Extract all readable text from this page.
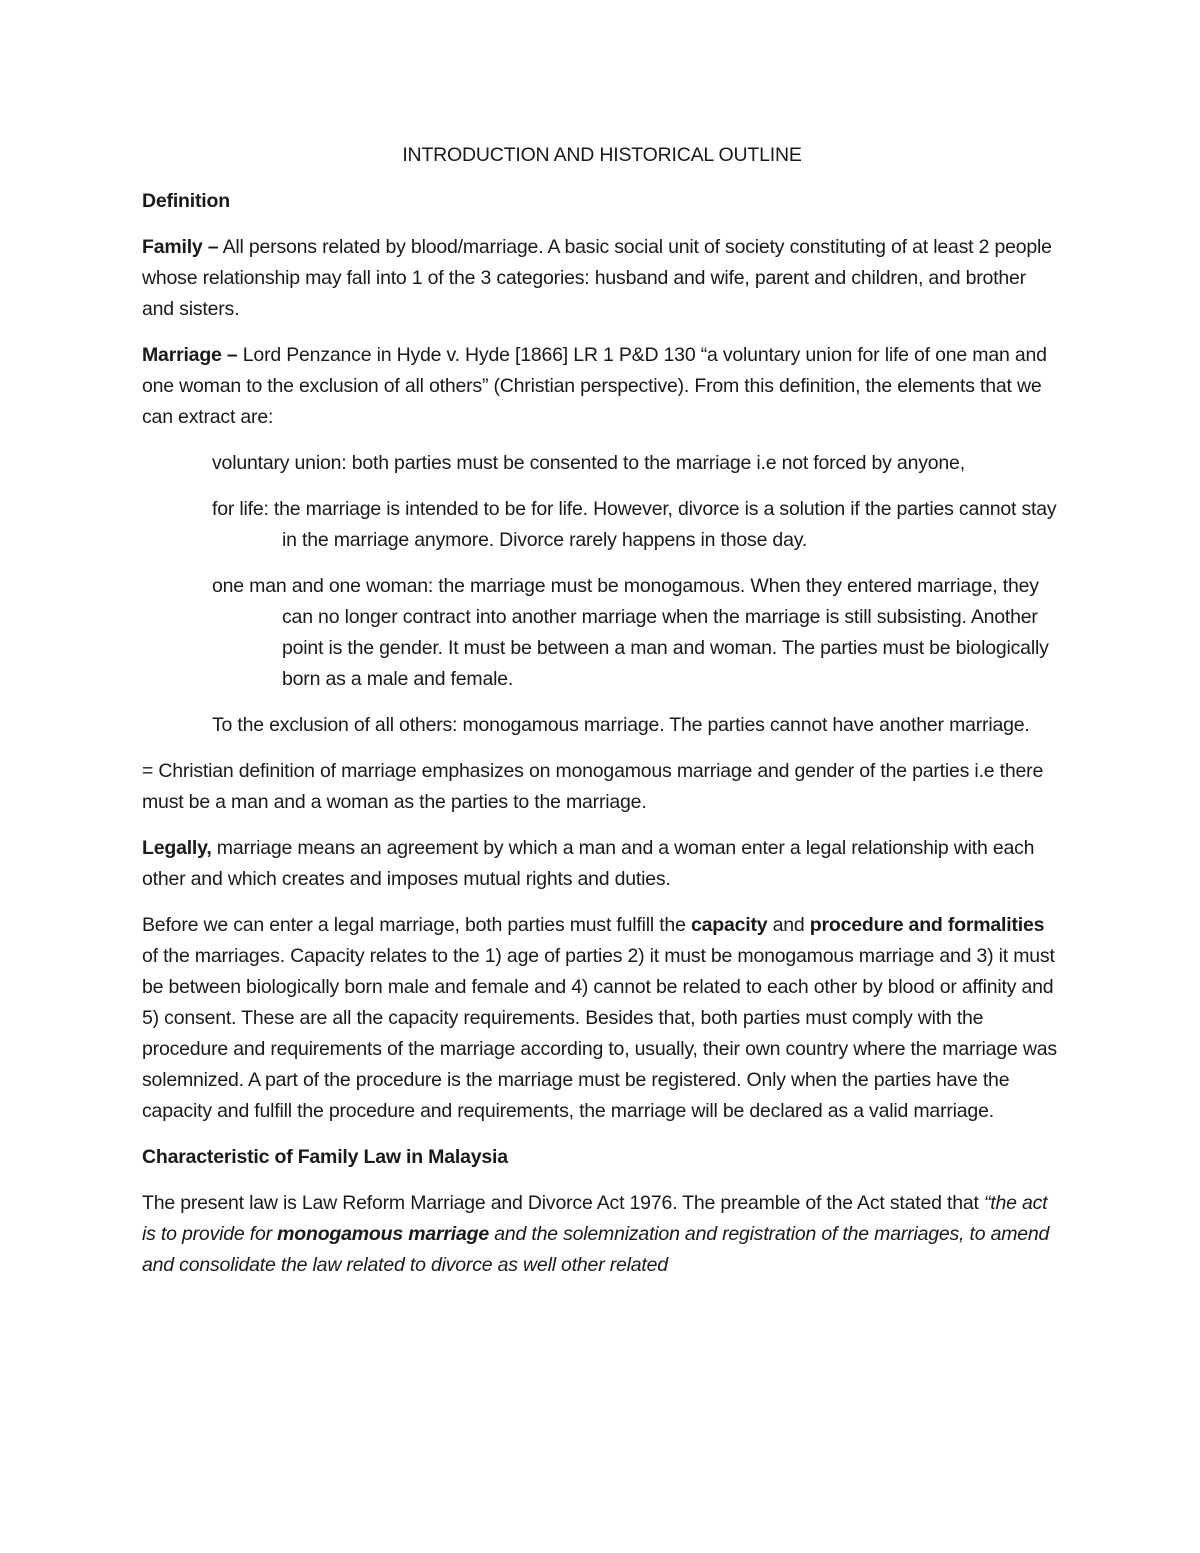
INTRODUCTION AND HISTORICAL OUTLINE
Definition

Family – All persons related by blood/marriage. A basic social unit of society constituting of at least 2 people whose relationship may fall into 1 of the 3 categories: husband and wife, parent and children, and brother and sisters.

Marriage – Lord Penzance in Hyde v. Hyde [1866] LR 1 P&D 130 “a voluntary union for life of one man and one woman to the exclusion of all others” (Christian perspective). From this definition, the elements that we can extract are:

voluntary union: both parties must be consented to the marriage i.e not forced by anyone,
for life: the marriage is intended to be for life. However, divorce is a solution if the parties cannot stay in the marriage anymore. Divorce rarely happens in those day.
one man and one woman: the marriage must be monogamous. When they entered marriage, they can no longer contract into another marriage when the marriage is still subsisting. Another point is the gender. It must be between a man and woman. The parties must be biologically born as a male and female.
To the exclusion of all others: monogamous marriage. The parties cannot have another marriage.

= Christian definition of marriage emphasizes on monogamous marriage and gender of the parties i.e there must be a man and a woman as the parties to the marriage.

Legally, marriage means an agreement by which a man and a woman enter a legal relationship with each other and which creates and imposes mutual rights and duties.

Before we can enter a legal marriage, both parties must fulfill the capacity and procedure and formalities of the marriages. Capacity relates to the 1) age of parties 2) it must be monogamous marriage and 3) it must be between biologically born male and female and 4) cannot be related to each other by blood or affinity and 5) consent. These are all the capacity requirements. Besides that, both parties must comply with the procedure and requirements of the marriage according to, usually, their own country where the marriage was solemnized. A part of the procedure is the marriage must be registered. Only when the parties have the capacity and fulfill the procedure and requirements, the marriage will be declared as a valid marriage.

Characteristic of Family Law in Malaysia

The present law is Law Reform Marriage and Divorce Act 1976. The preamble of the Act stated that “the act is to provide for monogamous marriage and the solemnization and registration of the marriages, to amend and consolidate the law related to divorce as well other related
